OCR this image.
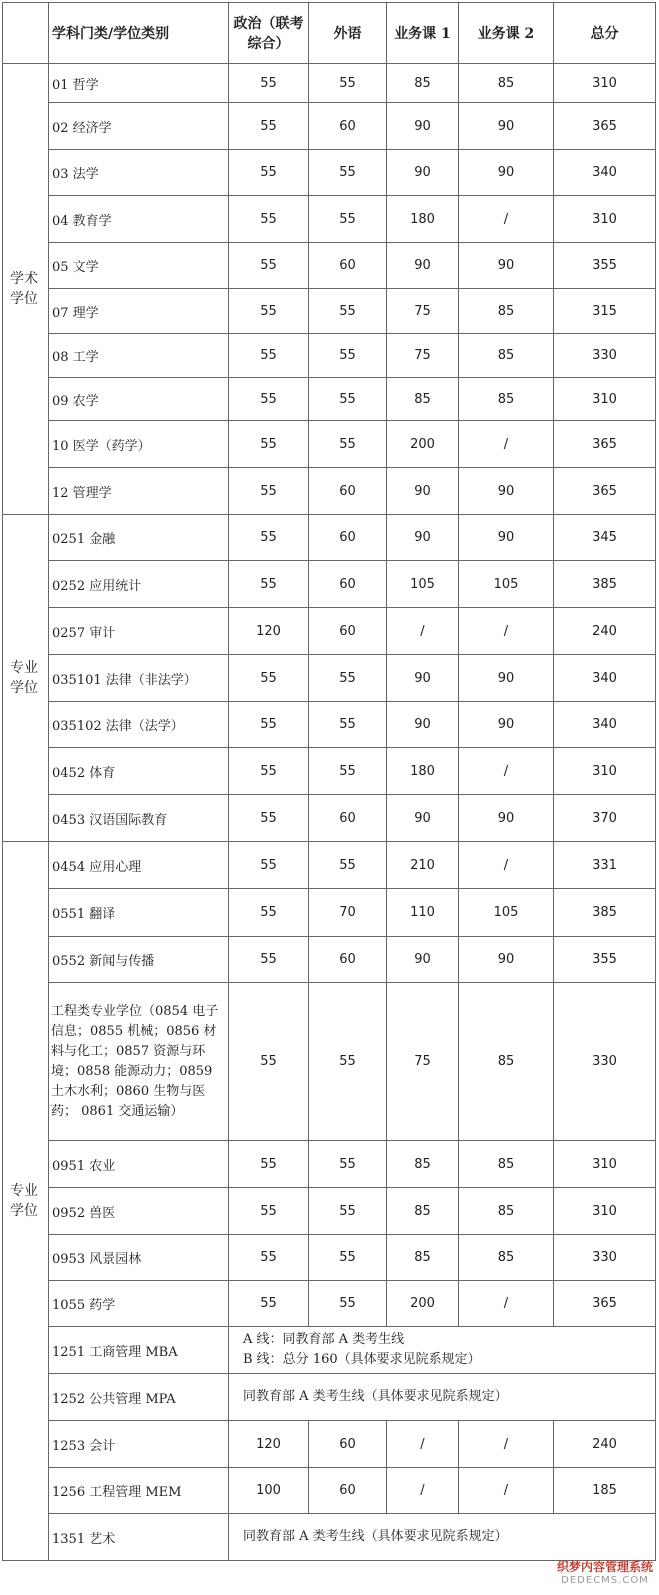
	学科门类/学位类别	政治（联考综合）	外语	业务课 1	业务课 2	总分

学术
学位	01 哲学	55	55	85	85	310
	02 经济学	55	60	90	90	365
	03 法学	55	55	90	90	340
	04 教育学	55	55	180	/	310
	05 文学	55	60	90	90	355
	07 理学	55	55	75	85	315
	08 工学	55	55	75	85	330
	09 农学	55	55	85	85	310
	10 医学（药学）	55	55	200	/	365
	12 管理学	55	60	90	90	365

专业
学位	0251 金融	55	60	90	90	345
	0252 应用统计	55	60	105	105	385
	0257 审计	120	60	/	/	240
	035101 法律（非法学）	55	55	90	90	340
	035102 法律（法学）	55	55	90	90	340
	0452 体育	55	55	180	/	310
	0453 汉语国际教育	55	60	90	90	370

专业
学位	0454 应用心理	55	55	210	/	331
	0551 翻译	55	70	110	105	385
	0552 新闻与传播	55	60	90	90	355
	工程类专业学位（0854 电子信息；0855 机械；0856 材料与化工；0857 资源与环境；0858 能源动力；0859 土木水利；0860 生物与医药； 0861 交通运输）	55	55	75	85	330
	0951 农业	55	55	85	85	310
	0952 兽医	55	55	85	85	310
	0953 风景园林	55	55	85	85	330
	1055 药学	55	55	200	/	365
	1251 工商管理 MBA	A 线：同教育部 A 类考生线
B 线：总分 160（具体要求见院系规定）				

	1252 公共管理 MPA	同教育部 A 类考生线（具体要求见院系规定）				
	1253 会计	120	60	/	/	240
	1256 工程管理 MEM	100	60	/	/	185
	1351 艺术	同教育部 A 类考生线（具体要求见院系规定）				
织梦内容管理系统
DEDECMS.COM
